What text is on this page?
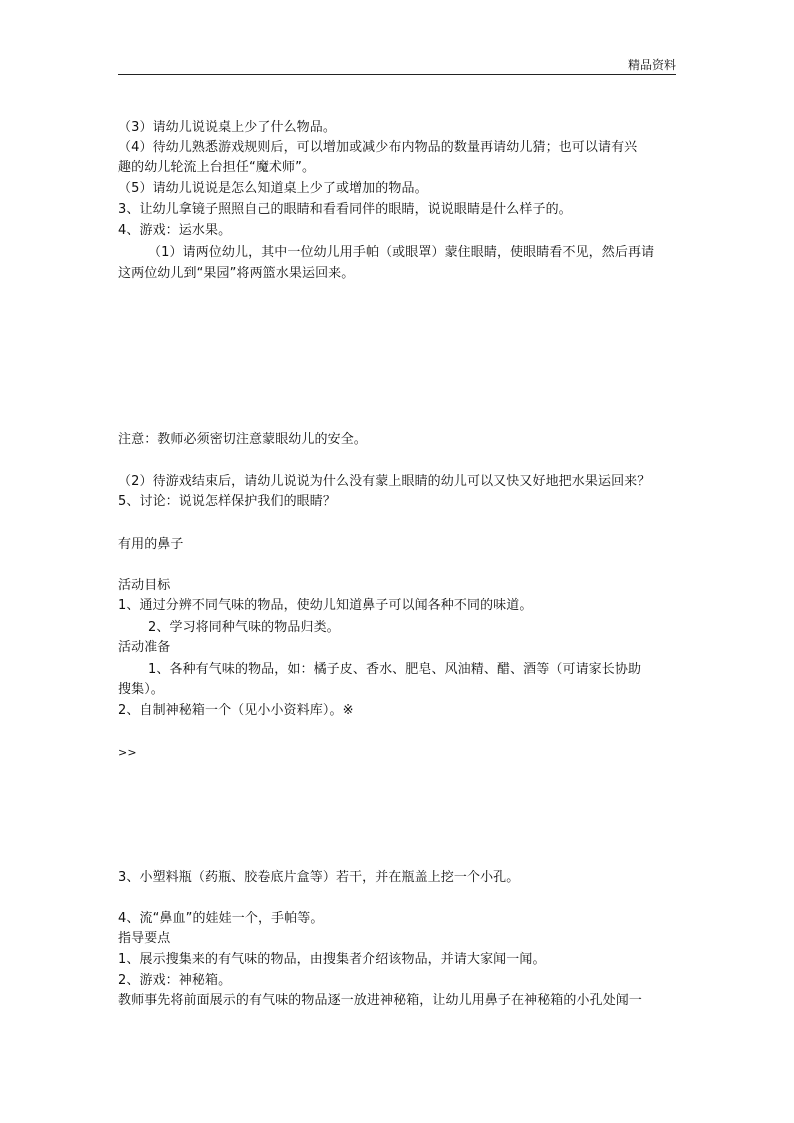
精品资料
（3）请幼儿说说桌上少了什么物品。
（4）待幼儿熟悉游戏规则后，可以增加或减少布内物品的数量再请幼儿猜；也可以请有兴
趣的幼儿轮流上台担任“魔术师”。
（5）请幼儿说说是怎么知道桌上少了或增加的物品。
3、让幼儿拿镜子照照自己的眼睛和看看同伴的眼睛，说说眼睛是什么样子的。
4、游戏：运水果。
（1）请两位幼儿，其中一位幼儿用手帕（或眼罩）蒙住眼睛，使眼睛看不见，然后再请
这两位幼儿到“果园”将两篮水果运回来。
注意：教师必须密切注意蒙眼幼儿的安全。
（2）待游戏结束后，请幼儿说说为什么没有蒙上眼睛的幼儿可以又快又好地把水果运回来？
5、讨论：说说怎样保护我们的眼睛？
有用的鼻子
活动目标
1、通过分辨不同气味的物品，使幼儿知道鼻子可以闻各种不同的味道。
2、学习将同种气味的物品归类。
活动准备
1、各种有气味的物品，如：橘子皮、香水、肥皂、风油精、醋、酒等（可请家长协助
搜集）。
2、自制神秘箱一个（见小小资料库）。※
>>
3、小塑料瓶（药瓶、胶卷底片盒等）若干，并在瓶盖上挖一个小孔。
4、流“鼻血”的娃娃一个，手帕等。
指导要点
1、展示搜集来的有气味的物品，由搜集者介绍该物品，并请大家闻一闻。
2、游戏：神秘箱。
教师事先将前面展示的有气味的物品逐一放进神秘箱，让幼儿用鼻子在神秘箱的小孔处闻一
